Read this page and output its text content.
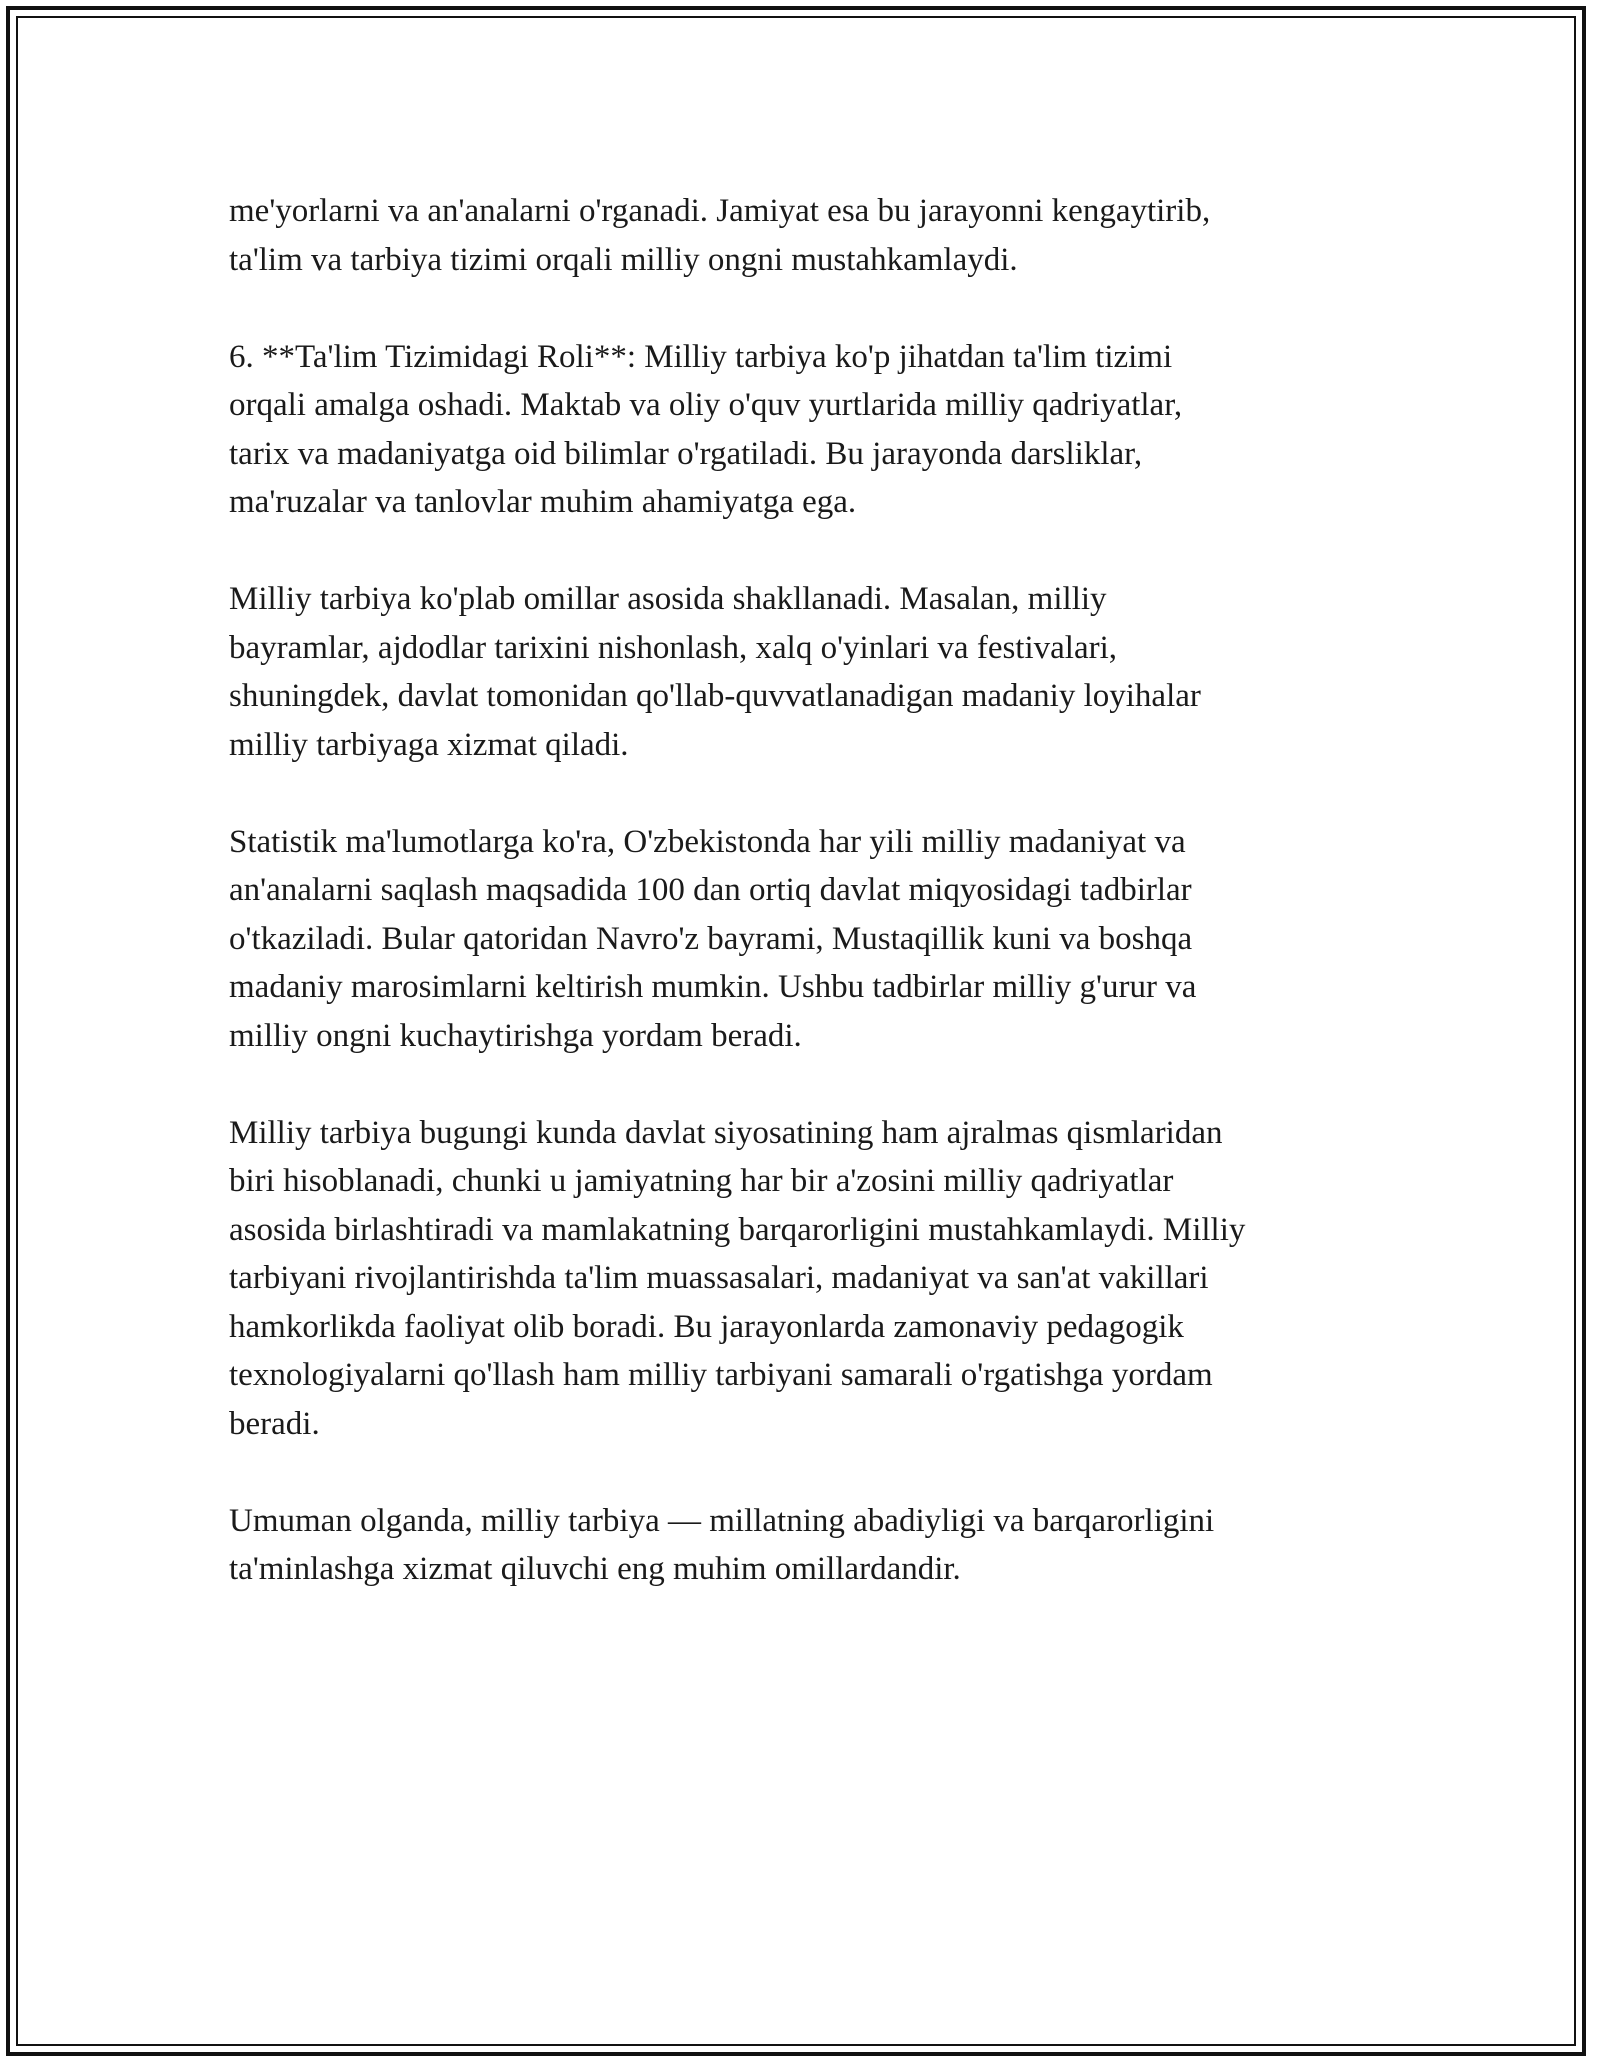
me'yorlarni va an'analarni o'rganadi. Jamiyat esa bu jarayonni kengaytirib,
ta'lim va tarbiya tizimi orqali milliy ongni mustahkamlaydi.

6. **Ta'lim Tizimidagi Roli**: Milliy tarbiya ko'p jihatdan ta'lim tizimi
orqali amalga oshadi. Maktab va oliy o'quv yurtlarida milliy qadriyatlar,
tarix va madaniyatga oid bilimlar o'rgatiladi. Bu jarayonda darsliklar,
ma'ruzalar va tanlovlar muhim ahamiyatga ega.

Milliy tarbiya ko'plab omillar asosida shakllanadi. Masalan, milliy
bayramlar, ajdodlar tarixini nishonlash, xalq o'yinlari va festivalari,
shuningdek, davlat tomonidan qo'llab-quvvatlanadigan madaniy loyihalar
milliy tarbiyaga xizmat qiladi.

Statistik ma'lumotlarga ko'ra, O'zbekistonda har yili milliy madaniyat va
an'analarni saqlash maqsadida 100 dan ortiq davlat miqyosidagi tadbirlar
o'tkaziladi. Bular qatoridan Navro'z bayrami, Mustaqillik kuni va boshqa
madaniy marosimlarni keltirish mumkin. Ushbu tadbirlar milliy g'urur va
milliy ongni kuchaytirishga yordam beradi.

Milliy tarbiya bugungi kunda davlat siyosatining ham ajralmas qismlaridan
biri hisoblanadi, chunki u jamiyatning har bir a'zosini milliy qadriyatlar
asosida birlashtiradi va mamlakatning barqarorligini mustahkamlaydi. Milliy
tarbiyani rivojlantirishda ta'lim muassasalari, madaniyat va san'at vakillari
hamkorlikda faoliyat olib boradi. Bu jarayonlarda zamonaviy pedagogik
texnologiyalarni qo'llash ham milliy tarbiyani samarali o'rgatishga yordam
beradi.

Umuman olganda, milliy tarbiya — millatning abadiyligi va barqarorligini
ta'minlashga xizmat qiluvchi eng muhim omillardandir.
